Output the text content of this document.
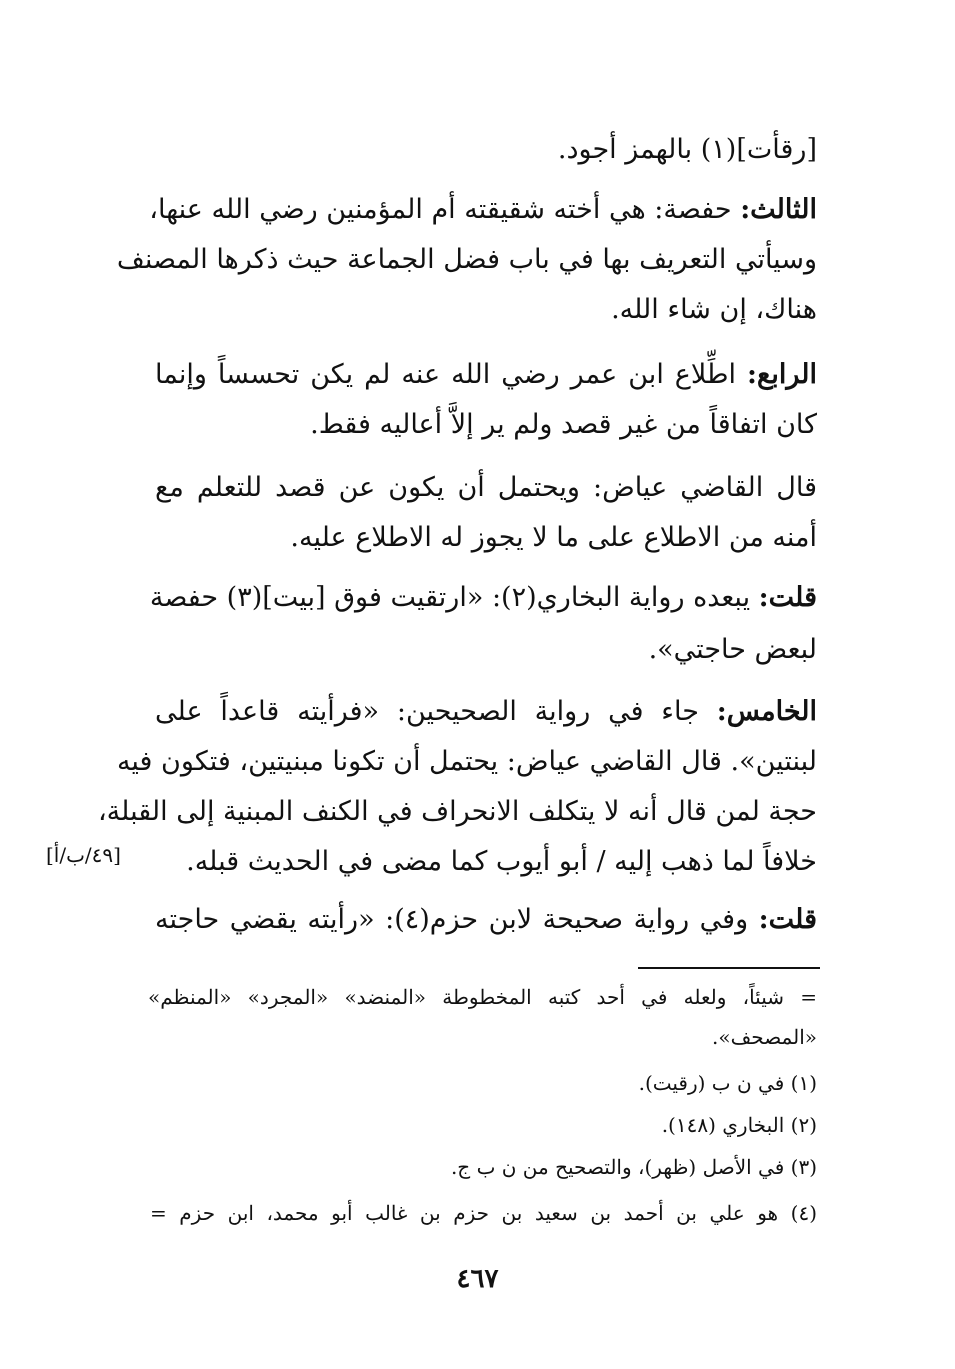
[رقأت](١) بالهمز أجود.
الثالث: حفصة: هي أخته شقيقته أم المؤمنين رضي الله عنها،
وسيأتي التعريف بها في باب فضل الجماعة حيث ذكرها المصنف
هناك، إن شاء الله.
الرابع: اطِّلاع ابن عمر رضي الله عنه لم يكن تحسساً وإنما
كان اتفاقاً من غير قصد ولم ير إلاَّ أعاليه فقط.
قال القاضي عياض: ويحتمل أن يكون عن قصد للتعلم مع
أمنه من الاطلاع على ما لا يجوز له الاطلاع عليه.
قلت: يبعده رواية البخاري(٢): «ارتقيت فوق [بيت](٣) حفصة
لبعض حاجتي».
الخامس: جاء في رواية الصحيحين: «فرأيته قاعداً على
لبنتين». قال القاضي عياض: يحتمل أن تكونا مبنيتين، فتكون فيه
حجة لمن قال أنه لا يتكلف الانحراف في الكنف المبنية إلى القبلة،
خلافاً لما ذهب إليه / أبو أيوب كما مضى في الحديث قبله.
[٤٩/ب/أ]
قلت: وفي رواية صحيحة لابن حزم(٤): «رأيته يقضي حاجته
= شيئاً، ولعله في أحد كتبه المخطوطة «المنضد» «المجرد» «المنظم»
«المصحف».
(١) في ن ب (رقيت).
(٢) البخاري (١٤٨).
(٣) في الأصل (ظهر)، والتصحيح من ن ب ج.
(٤) هو علي بن أحمد بن سعيد بن حزم بن غالب أبو محمد، ابن حزم =
٤٦٧
